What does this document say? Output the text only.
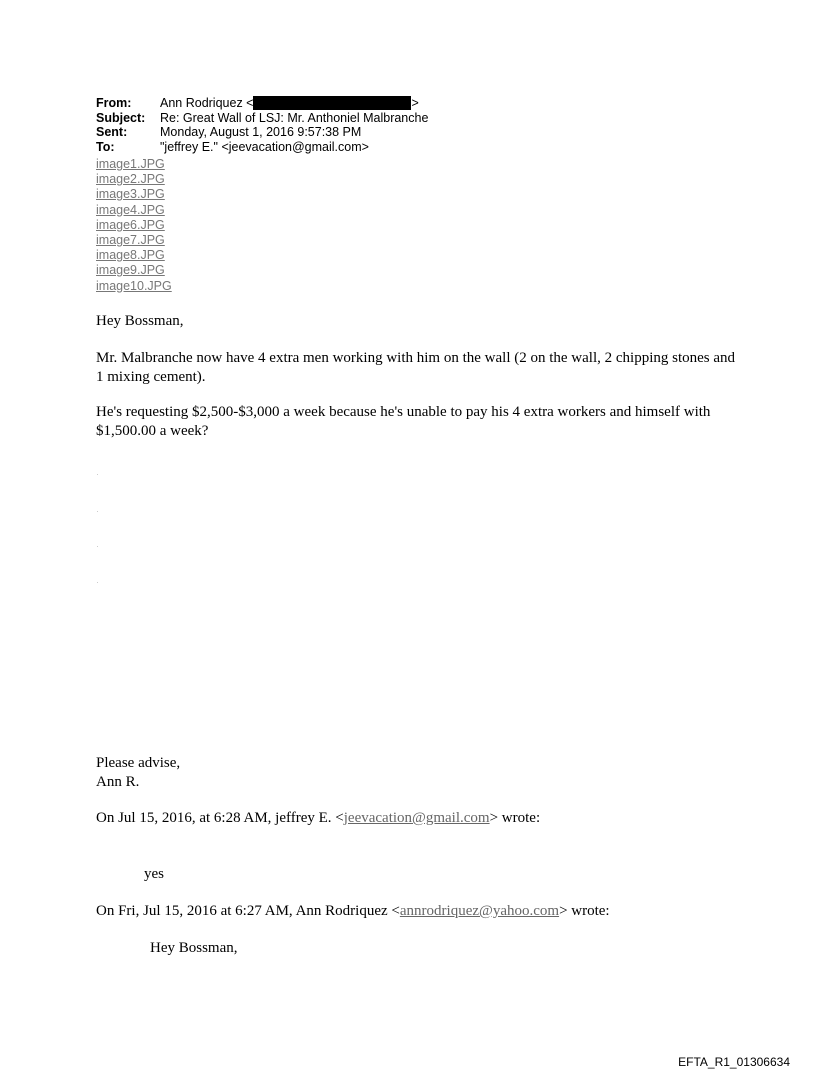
From:	Ann Rodriquez <	>
Subject:	Re: Great Wall of LSJ: Mr. Anthoniel Malbranche
Sent:	Monday, August 1, 2016 9:57:38 PM
To:	"jeffrey E." <jeevacation@gmail.com>
image1.JPG
image2.JPG
image3.JPG
image4.JPG
image6.JPG
image7.JPG
image8.JPG
image9.JPG
image10.JPG
Hey Bossman,
Mr. Malbranche now have 4 extra men working with him on the wall (2 on the wall, 2 chipping stones and 1 mixing cement).
He's requesting $2,500-$3,000 a week because he's unable to pay his 4 extra workers and himself with $1,500.00 a week?
Please advise,
Ann R.
On Jul 15, 2016, at 6:28 AM, jeffrey E. <jeevacation@gmail.com> wrote:
yes
On Fri, Jul 15, 2016 at 6:27 AM, Ann Rodriquez <annrodriquez@yahoo.com> wrote:
Hey Bossman,
EFTA_R1_01306634
